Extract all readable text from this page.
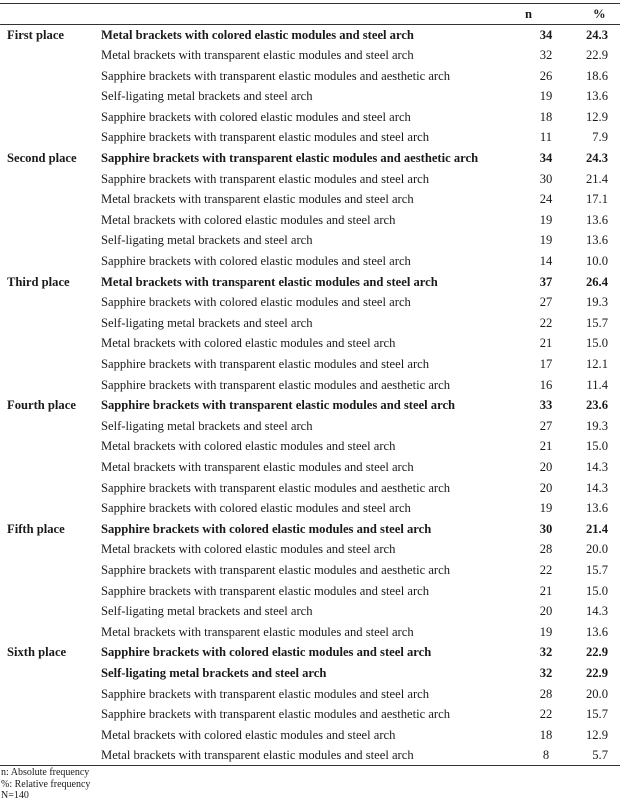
		n	%
First place	Metal brackets with colored elastic modules and steel arch	34	24.3
	Metal brackets with transparent elastic modules and steel arch	32	22.9
	Sapphire brackets with transparent elastic modules and aesthetic arch	26	18.6
	Self-ligating metal brackets and steel arch	19	13.6
	Sapphire brackets with colored elastic modules and steel arch	18	12.9
	Sapphire brackets with transparent elastic modules and steel arch	11	7.9
Second place	Sapphire brackets with transparent elastic modules and aesthetic arch	34	24.3
	Sapphire brackets with transparent elastic modules and steel arch	30	21.4
	Metal brackets with transparent elastic modules and steel arch	24	17.1
	Metal brackets with colored elastic modules and steel arch	19	13.6
	Self-ligating metal brackets and steel arch	19	13.6
	Sapphire brackets with colored elastic modules and steel arch	14	10.0
Third place	Metal brackets with transparent elastic modules and steel arch	37	26.4
	Sapphire brackets with colored elastic modules and steel arch	27	19.3
	Self-ligating metal brackets and steel arch	22	15.7
	Metal brackets with colored elastic modules and steel arch	21	15.0
	Sapphire brackets with transparent elastic modules and steel arch	17	12.1
	Sapphire brackets with transparent elastic modules and aesthetic arch	16	11.4
Fourth place	Sapphire brackets with transparent elastic modules and steel arch	33	23.6
	Self-ligating metal brackets and steel arch	27	19.3
	Metal brackets with colored elastic modules and steel arch	21	15.0
	Metal brackets with transparent elastic modules and steel arch	20	14.3
	Sapphire brackets with transparent elastic modules and aesthetic arch	20	14.3
	Sapphire brackets with colored elastic modules and steel arch	19	13.6
Fifth place	Sapphire brackets with colored elastic modules and steel arch	30	21.4
	Metal brackets with colored elastic modules and steel arch	28	20.0
	Sapphire brackets with transparent elastic modules and aesthetic arch	22	15.7
	Sapphire brackets with transparent elastic modules and steel arch	21	15.0
	Self-ligating metal brackets and steel arch	20	14.3
	Metal brackets with transparent elastic modules and steel arch	19	13.6
Sixth place	Sapphire brackets with colored elastic modules and steel arch	32	22.9
	Self-ligating metal brackets and steel arch	32	22.9
	Sapphire brackets with transparent elastic modules and steel arch	28	20.0
	Sapphire brackets with transparent elastic modules and aesthetic arch	22	15.7
	Metal brackets with colored elastic modules and steel arch	18	12.9
	Metal brackets with transparent elastic modules and steel arch	8	5.7
n: Absolute frequency
%: Relative frequency
N=140
